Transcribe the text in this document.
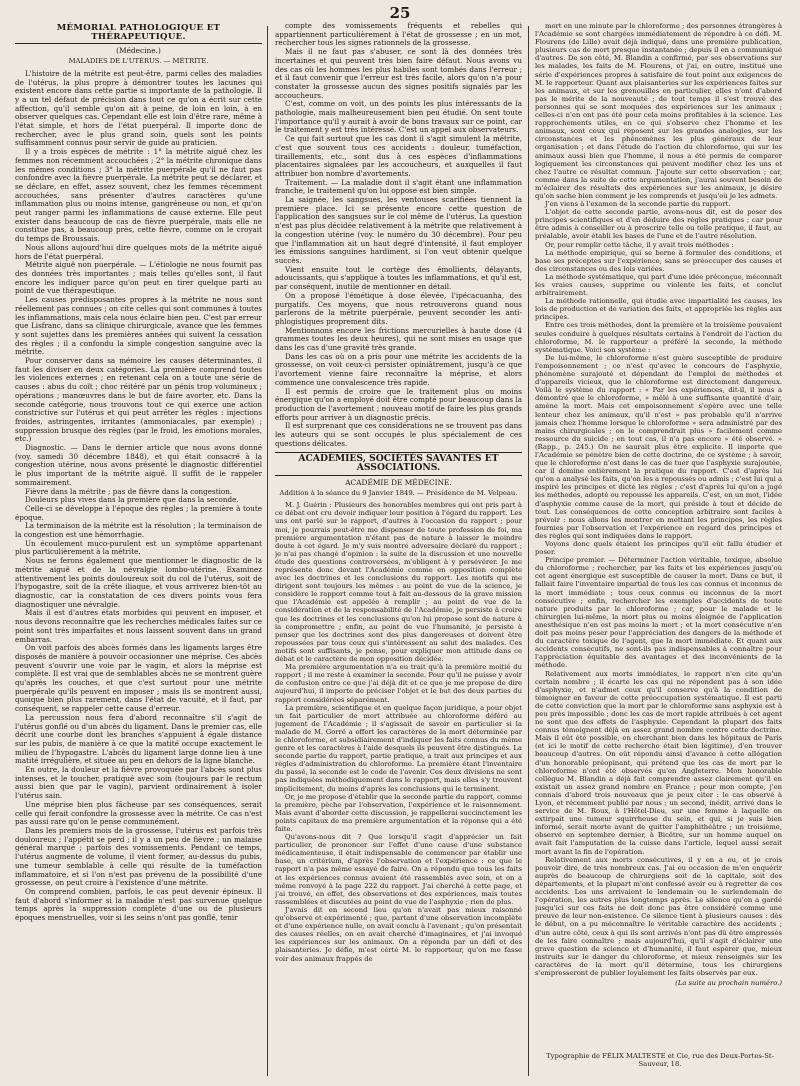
25
MÉMORIAL PATHOLOGIQUE ET THÉRAPEUTIQUE.
(Médecine.)
MALADIES DE L'UTÉRUS. — MÉTRITE.

L'histoire de la métrite est peut-être, parmi celles des maladies de l'utérus, la plus propre à démontrer toutes les lacunes qui existent encore dans cette partie si importante de la pathologie. Il y a un tel défaut de précision dans tout ce qu'on a écrit sur cette affection, qu'il semble qu'on ait à peine, de loin en loin, à en observer quelques cas. Cependant elle est loin d'être rare, même à l'état simple, et hors de l'état puerpéral. Il importe donc de rechercher, avec le plus grand soin, quels sont les points suffisamment connus pour servir de guide au praticien.

Il y a trois espèces de métrite : 1° la métrite aiguë chez les femmes non récemment accouchées ; 2° la métrite chronique dans les mêmes conditions ; 3° la métrite puerpérale qu'il ne faut pas confondre avec la fièvre puerpérale. La métrite peut se déclarer, et se déclare, en effet, assez souvent, chez les femmes récemment accouchées, sans présenter d'autres caractères qu'une inflammation plus ou moins intense, gangréneuse ou non, et qu'on peut ranger parmi les inflammations de cause externe. Elle peut exister dans beaucoup de cas de fièvre puerpérale, mais elle ne constitue pas, à beaucoup près, cette fièvre, comme on le croyait du temps de Broussais.

Nous allons aujourd'hui dire quelques mots de la métrite aiguë hors de l'état puerpéral.

Métrite aiguë non puerpérale. — L'étiologie ne nous fournit pas des données très importantes ; mais telles qu'elles sont, il faut encore les indiquer parce qu'on peut en tirer quelque parti au point de vue thérapeutique.

Les causes prédisposantes propres à la métrite ne nous sont réellement pas connues ; on cite celles qui sont communes à toutes les inflammations, mais cela nous éclaire bien peu. C'est par erreur que Lisfranc, dans sa clinique chirurgicale, avance que les femmes y sont sujettes dans les premières années qui suivent la cessation des règles ; il a confondu la simple congestion sanguine avec la métrite.

Pour conserver dans sa mémoire les causes déterminantes, il faut les diviser en deux catégories. La première comprend toutes les violences externes ; en retenant cela on a toute une série de causes : abus du coït ; choc réitéré par un pénis trop volumineux ; opérations ; manœuvres dans le but de faire avorter, etc. Dans la seconde catégorie, nous trouvons tout ce qui exerce une action constrictive sur l'utérus et qui peut arrêter les règles : injections froides, astringentes, irritantes (ammoniacales, par exemple) ; suppression brusque des règles (par le froid, les émotions morales, etc.)

Diagnostic. — Dans le dernier article que nous avons donné (voy. samedi 30 décembre 1848), et qui était consacré à la congestion utérine, nous avons présenté le diagnostic différentiel le plus important de la métrite aiguë. Il suffit de le rappeler sommairement.

Fièvre dans la métrite ; pas de fièvre dans la congestion.

Douleurs plus vives dans la première que dans la seconde.

Celle-ci se développe à l'époque des règles ; la première à toute époque.

La terminaison de la métrite est la résolution ; la terminaison de la congestion est une hémorrhagie.

Un écoulement muco-purulent est un symptôme appartenant plus particulièrement à la métrite.

Nous ne ferons également que mentionner le diagnostic de la métrite aiguë et de la névralgie lombo-utérine. Examinez attentivement les points douloureux soit du col de l'utérus, soit de l'hypogastre, soit de la crête iliaque, et vous arriverez bien-tôt au diagnostic, car la constatation de ces divers points vous fera diagnostiquer une névralgie.

Mais il est d'autres états morbides qui peuvent en imposer, et nous devons reconnaître que les recherches médicales faites sur ce point sont très imparfaites et nous laissent souvent dans un grand embarras.

On voit parfois des abcès formés dans les ligaments larges être disposés de manière à pouvoir occasionner une méprise. Ces abcès peuvent s'ouvrir une voie par le vagin, et alors la méprise est complète. Il est vrai que de semblables abcès ne se montrent guère qu'après les couches, et que c'est surtout pour une métrite puerpérale qu'ils peuvent en imposer ; mais ils se montrent aussi, quoique bien plus rarement, dans l'état de vacuité, et il faut, par conséquent, se rappeler cette cause d'erreur.

La percussion nous fera d'abord reconnaître s'il s'agit de l'utérus gonflé ou d'un abcès du ligament. Dans le premier cas, elle décrit une courbe dont les branches s'appuient à égale distance sur les pubis, de manière à ce que la matité occupe exactement le milieu de l'hypogastre. L'abcès du ligament large donne lieu à une matité irrégulière, et située au peu en dehors de la ligne blanche.

En outre, la douleur et la fièvre provoquée par l'abcès sont plus intenses, et le toucher, pratiqué avec soin (toujours par le rectum aussi bien que par le vagin), parvient ordinairement à isoler l'utérus sain.

Une méprise bien plus fâcheuse par ses conséquences, serait celle qui ferait confondre la grossesse avec la métrite. Ce cas n'est pas aussi rare qu'on le pense communément.

Dans les premiers mois de la grossesse, l'utérus est parfois très douloureux ; l'appétit se perd ; il y a un peu de fièvre ; un malaise général marqué ; parfois des vomissements. Pendant ce temps, l'utérus augmente de volume, il vient former, au-dessus du pubis, une tumeur semblable à celle qui résulte de la tuméfaction inflammatoire, et si l'on n'est pas prévenu de la possibilité d'une grossesse, on peut croire à l'existence d'une métrite.

On comprend combien, parfois, le cas peut devenir épineux. Il faut d'abord s'informer si la maladie n'est pas survenue quelque temps après la suppression complète d'une ou de plusieurs époques menstruelles, voir si les seins n'ont pas gonflé, tenir

compte des vomissements fréquents et rebelles qui appartiennent particulièrement à l'état de grossesse ; en un mot, rechercher tous les signes rationnels de la grossesse.

Mais il ne faut pas s'abuser, ce sont là des données très incertaines et qui peuvent très bien faire défaut. Nous avons vu des cas où les hommes les plus habiles sont tombés dans l'erreur ; et il faut convenir que l'erreur est très facile, alors qu'on n'a pour constater la grossesse aucun des signes positifs signalés par les accoucheurs.

C'est, comme on voit, un des points les plus intéressants de la pathologie, mais malheureusement bien peu étudié. On sent toute l'importance qu'il y aurait à avoir de bons travaux sur ce point, car le traitement y est très intéressé. C'est un appel aux observateurs.

Ce qui fait surtout que les cas dont il s'agit simulent la métrite, c'est que souvent tous ces accidents : douleur, tuméfaction, tiraillements, etc., sont dus à ces espèces d'inflammations placentaires signalées par les accoucheurs, et auxquelles il faut attribuer bon nombre d'avortements.

Traitement. — La maladie dont il s'agit étant une inflammation franche, le traitement qu'on lui oppose est bien simple.

La saignée, les sangsues, les ventouses scarifiées tiennent la première place. Ici se présente encore cette question de l'application des sangsues sur le col même de l'utérus. La question n'est pas plus décidée relativement à la métrite que relativement à la congestion utérine (voy. le numéro du 30 décembre). Pour peu que l'inflammation ait un haut degré d'intensité, il faut employer les émissions sanguines hardiment, si l'on veut obtenir quelque succès.

Vient ensuite tout le cortège des émollients, délayants, adoucissants, qui s'applique à toutes les inflammations, et qu'il est, par conséquent, inutile de mentionner en détail.

On a proposé l'émétique à dose élevée, l'ipécacuanha, des purgatifs. Ces moyens, que nous retrouverons quand nous parlerons de la métrite puerpérale, peuvent seconder les anti-phlogistiques proprement dits.

Mentionnons encore les frictions mercurielles à haute dose (4 grammes toutes les deux heures), qui ne sont mises en usage que dans les cas d'une gravité très grande.

Dans les cas où on a pris pour une métrite les accidents de la grossesse, on voit ceux-ci persister opiniâtrement, jusqu'à ce que l'avortement vienne faire reconnaître la méprise, et alors commence une convalescence très rapide.

Il est permis de croire que le traitement plus ou moins énergique qu'on a employé doit être compté pour beaucoup dans la production de l'avortement ; nouveau motif de faire les plus grands efforts pour arriver à un diagnostic précis.

Il est surprenant que ces considérations ne se trouvent pas dans les auteurs qui se sont occupés le plus spécialement de ces questions délicates.

ACADÉMIES, SOCIÉTÉS SAVANTES ET ASSOCIATIONS.
ACADÉMIE DE MÉDECINE.
Addition à la séance du 9 Janvier 1849. — Présidence de M. Velpeau.

M. J. Guérin : Plusieurs des honorables membres qui ont pris part à ce débat ont cru devoir indiquer leur position à l'égard du rapport. Les uns ont parlé sur le rapport, d'autres à l'occasion du rapport ; pour moi, je pourrais peut-être me dispenser de toute profession de foi, ma première argumentation n'étant pas de nature à laisser le moindre doute à cet égard. Je m'y suis montré adversaire déclaré du rapport ; je n'ai pas changé d'opinion : la suite de la discussion et une nouvelle étude des questions controversées, m'obligent à y persévérer. Je me représente donc devant l'Académie comme en opposition complète avec les doctrines et les conclusions du rapport. Les motifs qui me dirigent sont toujours les mêmes : au point de vue de la science, je considère le rapport comme tout à fait au-dessous de la grave mission que l'Académie est appelée à remplir ; au point de vue de la considération et de la responsabilité de l'Académie, je persiste à croire que les doctrines et les conclusions qu'on lui propose sont de nature à la compromettre ; enfin, au point de vue l'humanité, je persiste à penser que les doctrines sont des plus dangereuses et doivent être repoussées par tous ceux qui s'intéressent au salut des malades. Ces motifs sont suffisants, je pense, pour expliquer mon attitude dans ce débat et le caractère de mon opposition décidée.

Ma première argumentation n'a eu trait qu'à la première moitié du rapport ; il me reste à examiner la seconde. Pour qu'il ne puisse y avoir de confusion entre ce que j'ai déjà dit et ce que je me propose de dire aujourd'hui, il importe de préciser l'objet et le but des deux parties du rapport considérées séparément.

La première, scientifique et en quelque façon juridique, a pour objet un fait particulier de mort attribuée au chloroforme déféré au jugement de l'Académie ; il s'agissait de savoir en particulier si la malade de M. Gorré a offert les caractères de la mort déterminée par le chloroforme, et subsidiairement d'indiquer les faits connus du même genre et les caractères à l'aide desquels ils peuvent être distingués. La seconde partie du rapport, partie pratique, a trait aux principes et aux règles d'administration du chloroforme. La première étant l'inventaire du passé, la seconde est le code de l'avenir. Ces deux divisions ne sont pas indiquées méthodiquement dans le rapport, mais elles s'y trouvent implicitement, du moins d'après les conclusions qui le terminent.

Or, je me propose d'établir que la seconde partie du rapport, comme la première, pèche par l'observation, l'expérience et le raisonnement. Mais avant d'aborder cette discussion, je rappellerai succinctement les points capitaux de ma première argumentation et la réponse qui a été faite.

Qu'avons-nous dit ? Que lorsqu'il s'agit d'apprécier un fait particulier, de prononcer sur l'effet d'une cause d'une substance médicamenteuse, il était indispensable de commencer par établir une base, un critérium, d'après l'observation et l'expérience : ce que le rapport n'a pas même essayé de faire. On a répondu que tous les faits et les expériences connus avaient été rassemblés avec soin, et on a même renvoyé à la page 222 du rapport. J'ai cherché à cette page, et j'ai trouvé, en effet, des observations et des expériences, mais toutes rassemblées et discutées au point de vue de l'asphyxie ; rien de plus.

J'avais dit en second lieu qu'on n'avait pas mieux raisonné qu'observé et expérimenté ; que, partant d'une observation incomplète et d'une expérience nulle, on avait conclu à l'avenant ; qu'on présentait des causes réelles, on en avait cherché d'imaginaires, et j'ai invoqué les expériences sur les animaux. On a répondu par un défi et des plaisanteries. Je défie, m'est cérté M. le rapporteur, qu'on me fasse voir des animaux frappés de

mort en une minute par le chloroforme ; des personnes étrangères à l'Académie se sont chargées immédiatement de répondre à ce défi. M. Flourens (de Lille) avait déjà indiqué, dans une première publication, plusieurs cas de mort presque instantanée ; depuis il en a communiqué d'autres. De son côté, M. Blandin a confirmé, par ses observations sur les malades, les faits de M. Flourens, et j'ai, en outre, institué une série d'expériences propres à satisfaire de tout point aux exigences de M. le rapporteur. Quant aux plaisanteries sur les expériences faites sur les animaux, et sur les grenouilles en particulier, elles n'ont d'abord pas le mérite de la nouveauté ; de tout temps il s'est trouvé des personnes qui se sont moquées des expériences sur les animaux ; celles-ci n'en ont pas été pour cela moins profitables à la science. Les rapprochements utiles, en ce qui s'observe chez l'homme et les animaux, sont ceux qui reposent sur les grandes analogies, sur les circonstances et les phénomènes les plus généraux de leur organisation ; et dans l'étude de l'action du chloroforme, qui sur les animaux aussi bien que l'homme, il nous a été permis de comparer logiquement les circonstances qui peuvent modifier chez les uns et chez l'autre ce résultat commun. J'ajoute sur cette observation ; car, comme dans la suite de cette argumentation, j'aurai souvent besoin de m'éclairer des résultats des expériences sur les animaux, je désire qu'on sache bien comment je les comprends et jusqu'où je les admets.

J'en viens à l'examen de la seconde partie du rapport.

L'objet de cette seconde partie, avons-nous dit, est de poser des principes scientifiques et d'en déduire des règles pratiques ; car pour être admis à conseiller ou à proscrire telle ou telle pratique, il faut, au préalable, avoir établi les bases de l'une et de l'autre résolution.

Or, pour remplir cette tâche, il y avait trois méthodes :

La méthode empirique, qui se borne à formuler des conditions, et base ses préceptes sur l'expérience, sans se préoccuper des causes et des circonstances ou des lois variées.

La méthode systématique, qui part d'une idée préconçue, méconnaît les vraies causes, supprime ou violente les faits, et conclut arbitrairement.

La méthode rationnelle, qui étudie avec impartialité les causes, les lois de production et de variation des faits, et appropriée les règles aux principes.

Entre ces trois méthodes, dont la première et la troisième pouvaient seules conduire à quelques résultats certains à l'endroit de l'action du chloroforme, M. le rapporteur a préféré la seconde, la méthode systématique. Voici son système :

De lui-même, le chloroforme n'est guère susceptible de produire l'empoisonnement ; ce n'est qu'avec le concours de l'asphyxie, phénomène surajouté et dépendant de l'emploi de méthodes et d'appareils vicieux, que le chloroforme est directement dangereux. Voilà le système du rapport : « Par les expériences, dit-il, il nous a démontré que le chloroforme, » mêlé à une suffisante quantité d'air, amène la mort. Mais cet empoisonnement s'opère avec une telle lenteur chez les animaux, qu'il n'est » pas probable qu'il n'arrive jamais chez l'homme lorsque le chloroforme » sera administré par des mains chirurgicales ; on le comprendrait plus » facilement comme ressource du suicide ; en tout cas, il n'a pas encore » été observé. » (Rapp., p. 245.) On ne saurait plus être explicite. Il importe que l'Académie se pénètre bien de cette doctrine, de ce système ; à savoir, que le chloroforme n'est dans le cas de tuer que l'asphyxie surajoutée, car il domine entièrement la pratique du rapport. C'est d'après lui qu'on a analysé les faits, qu'on les a repoussés ou admis ; c'est lui qui a inspiré les principes et dicté les règles ; c'est d'après lui qu'on a jugé les méthodes, adopté ou repoussé les appareils. C'est, en un mot, l'idée d'asphyxie comme cause de la mort, qui préside à tout et décide de tout. Les conséquences de cette conception arbitraire sont faciles à prévoir : nous allons les montrer en mettant les principes, les règles fournies par l'observation et l'expérience en regard des principes et des règles qui sont indiquées dans le rapport.

Voyons donc quels étaient les principes qu'il eût fallu étudier et poser.

Principe premier. — Déterminer l'action véritable, toxique, absolue du chloroforme ; rechercher, par les faits et les expériences jusqu'où cet agent énergique est susceptible de causer la mort. Dans ce but, il fallait faire l'inventaire impartial de tous les cas connus et inconnus de la mort immédiate ; tous ceux connus ou inconnus de la mort consécutive ; enfin, rechercher les exemples d'accidents de toute nature produits par le chloroforme ; car, pour le malade et le chirurgien lui-même, la mort plus ou moins éloignée de l'application anesthésique n'en est pas moins la mort ; et la mort consécutive n'en doit pas moins peser pour l'appréciation des dangers de la méthode et du caractère toxique de l'agent, que la mort immédiate. Et quant aux accidents consécutifs, ne sont-ils pas indispensables à connaître pour l'appréciation équitable des avantages et des inconvénients de la méthode.

Relativement aux morts immédiates, le rapport n'en cite qu'un certain nombre ; il écarte les cas qui ne répondent pas à son idée d'asphyxie, et n'admet ceux qu'il conserve qu'à la condition de témoigner en faveur de cette préoccupation systématique. Il est parti de cette conviction que la mort par le chloroforme sans asphyxie est à peu près impossible ; donc les cas de mort rapide attribués à cet agent ne sont que des effets de l'asphyxie. Cependant la plupart des faits connus témoignent déjà en assez grand nombre contre cette doctrine. Mais il eût été possible, en cherchant bien dans les hôpitaux de Paris (et ici le motif de cette recherche était bien légitime), d'en trouver beaucoup d'autres. On eût répondu ainsi d'avance à cette allégation d'un honorable préopinant, qui prétend que les cas de mort par le chloroforme n'ont été observés qu'en Angleterre. Mon honorable collègue M. Blandin a déjà fait comprendre assez clairement qu'il en existait un assez grand nombre en France ; pour mon compte, j'en connais d'abord trois nouveaux que je peux citer : le cas observé à Lyon, et récemment publié par nous ; un second, inédit, arrivé dans le service de M. Roux, à l'Hôtel-Dieu, sur une femme à laquelle on extirpait une tumeur squirrheuse du sein, et qui, si je suis bien informé, serait morte avant de quitter l'amphithéâtre ; un troisième, observé en septembre dernier, à Bicêtre, sur un homme auquel on avait fait l'amputation de la cuisse dans l'article, lequel aussi serait mort avant la fin de l'opération.

Relativement aux morts consécutives, il y en a eu, et je crois pouvoir dire, de très nombreux cas. J'ai eu occasion de m'en enquérir auprès de beaucoup de chirurgiens soit de la capitale, soit des départements, et la plupart m'ont confessé avoir eu à regretter de ces accidents. Les uns arrivaient le lendemain ou le surlendemain de l'opération, les autres plus longtemps après. Le silence qu'on a gardé jusqu'ici sur ces faits ne doit donc pas être considéré comme une preuve de leur non-existence. Ce silence tient à plusieurs causes : dès le début, on a pu méconnaître le véritable caractère des accidents ; d'un autre côté, ceux à qui ils sont arrivés n'ont pas dû être empressés de les faire connaître ; mais aujourd'hui, qu'il s'agit d'éclairer une grave question de science et d'humanité, il faut espérer que, mieux instruits sur le danger du chloroforme, et mieux renseignés sur les caractères de la mort qu'il détermine, tous les chirurgiens s'empresseront de publier loyalement les faits observés par eux.

(La suite au prochain numéro.)
Typographie de FÉLIX MALTESTE et Cie, rue des Deux-Portes-St-Sauveur, 18.
